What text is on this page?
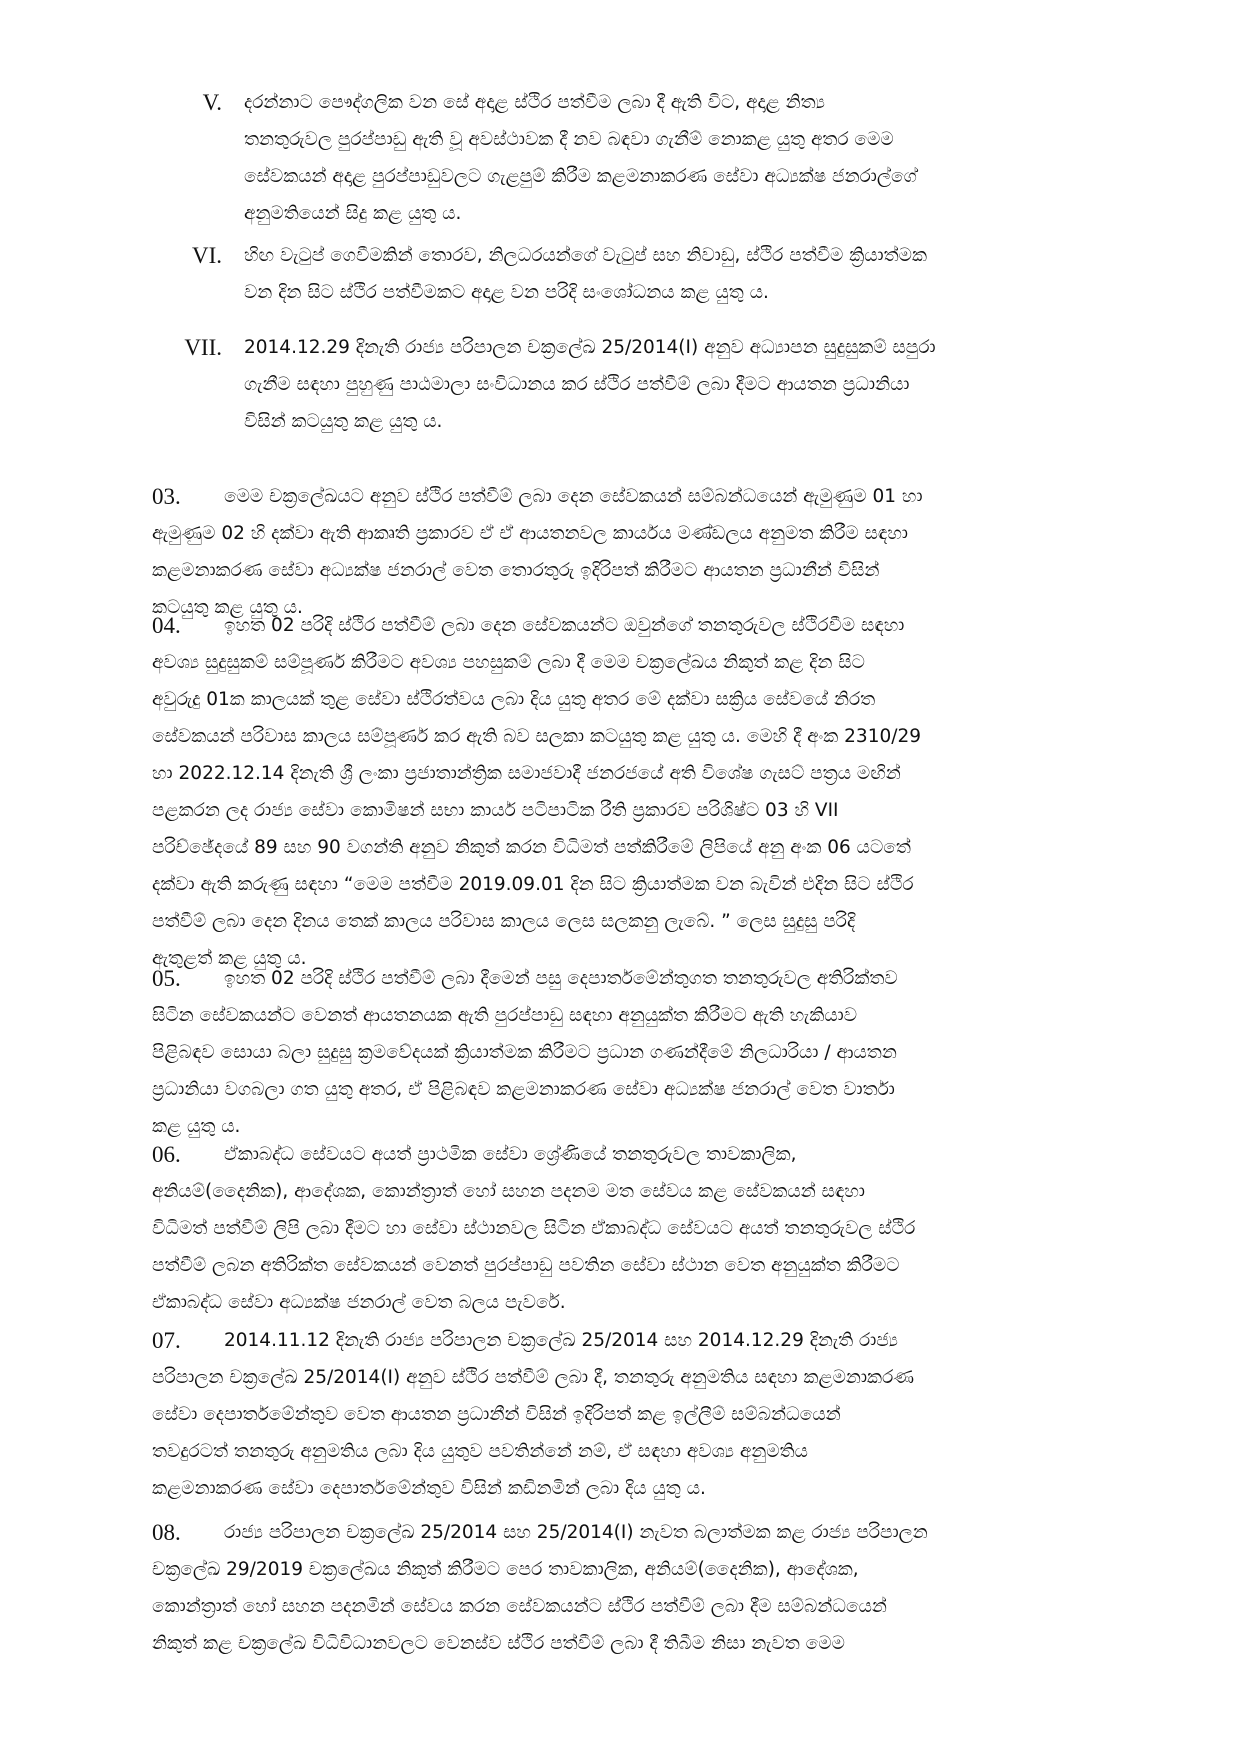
V. දරන්නාට පෞද්ගලික වන සේ අදාළ ස්ථිර පත්වීම ලබා දී ඇති විට, අදාළ නිත්‍ය
තනතුරුවල පුරප්පාඩු ඇති වූ අවස්ථාවක දී නව බඳවා ගැනීම් නොකළ යුතු අතර මෙම
සේවකයන් අදාළ පුරප්පාඩුවලට ගැළපුම් කිරීම කළමනාකරණ සේවා අධ්‍යක්ෂ ජනරාල්ගේ
අනුමතියෙන් සිදු කළ යුතු ය.
VI. හිඟ වැටුප් ගෙවීමකින් තොරව, නිලධරයන්ගේ වැටුප් සහ නිවාඩු, ස්ථිර පත්වීම ක්‍රියාත්මක
වන දින සිට ස්ථිර පත්වීමකට අදාළ වන පරිදි සංශෝධනය කළ යුතු ය.
VII. 2014.12.29 දිනැති රාජ්‍ය පරිපාලන චක්‍රලේඛ 25/2014(I) අනුව අධ්‍යාපන සුදුසුකම් සපුරා
ගැනීම සඳහා පුහුණු පාඨමාලා සංවිධානය කර ස්ථිර පත්වීම් ලබා දීමට ආයතන ප්‍රධානියා
විසින් කටයුතු කළ යුතු ය.
03.	මෙම චක්‍රලේඛයට අනුව ස්ථිර පත්වීම් ලබා දෙන සේවකයන් සම්බන්ධයෙන් ඇමුණුම 01 හා
ඇමුණුම 02 හි දක්වා ඇති ආකෘති ප්‍රකාරව ඒ ඒ ආයතනවල කාර්යය මණ්ඩලය අනුමත කිරීම සඳහා
කළමනාකරණ සේවා අධ්‍යක්ෂ ජනරාල් වෙත තොරතුරු ඉදිරිපත් කිරීමට ආයතන ප්‍රධානීන් විසින්
කටයුතු කළ යුතු ය.
04.	ඉහත 02 පරිදි ස්ථිර පත්වීම් ලබා දෙන සේවකයන්ට ඔවුන්ගේ තනතුරුවල ස්ථිරවීම සඳහා
අවශ්‍ය සුදුසුකම් සම්පූර්ණ කිරීමට අවශ්‍ය පහසුකම් ලබා දී මෙම චක්‍රලේඛය නිකුත් කළ දින සිට
අවුරුදු 01ක කාලයක් තුළ සේවා ස්ථිරත්වය ලබා දිය යුතු අතර මේ දක්වා සක්‍රිය සේවයේ නිරත
සේවකයන් පරිවාස කාලය සම්පූර්ණ කර ඇති බව සලකා කටයුතු කළ යුතු ය. මෙහි දී අංක 2310/29
හා 2022.12.14 දිනැති ශ්‍රී ලංකා ප්‍රජාතාන්ත්‍රික සමාජවාදී ජනරජයේ අති විශේෂ ගැසට් පත්‍රය මඟින්
පළකරන ලද රාජ්‍ය සේවා කොමිෂන් සභා කාර්ය පටිපාටික රීති ප්‍රකාරව පරිශිෂ්ට 03 හි VII
පරිච්ඡේදයේ 89 සහ 90 වගන්ති අනුව නිකුත් කරන විධිමත් පත්කිරීමේ ලිපියේ අනු අංක 06 යටතේ
දක්වා ඇති කරුණු සඳහා “මෙම පත්වීම 2019.09.01 දින සිට ක්‍රියාත්මක වන බැවින් එදින සිට ස්ථිර
පත්වීම් ලබා දෙන දිනය තෙක් කාලය පරිවාස කාලය ලෙස සලකනු ලැබේ. ” ලෙස සුදුසු පරිදි
ඇතුළත් කළ යුතු ය.
05.	ඉහත 02 පරිදි ස්ථිර පත්වීම් ලබා දීමෙන් පසු දෙපාර්තමේන්තුගත තනතුරුවල අතිරික්තව
සිටින සේවකයන්ට වෙනත් ආයතනයක ඇති පුරප්පාඩු සඳහා අනුයුක්ත කිරීමට ඇති හැකියාව
පිළිබඳව සොයා බලා සුදුසු ක්‍රමවේදයක් ක්‍රියාත්මක කිරීමට ප්‍රධාන ගණන්දීමේ නිලධාරියා / ආයතන
ප්‍රධානියා වගබලා ගත යුතු අතර, ඒ පිළිබඳව කළමනාකරණ සේවා අධ්‍යක්ෂ ජනරාල් වෙත වාර්තා
කළ යුතු ය.
06.	ඒකාබද්ධ සේවයට අයත් ප්‍රාථමික සේවා ශ්‍රේණියේ තනතුරුවල තාවකාලික,
අනියම්(දෛනික), ආදේශක, කොන්ත්‍රාත් හෝ සහන පදනම මත සේවය කළ සේවකයන් සඳහා
විධිමත් පත්වීම් ලිපි ලබා දීමට හා සේවා ස්ථානවල සිටින ඒකාබද්ධ සේවයට අයත් තනතුරුවල ස්ථිර
පත්වීම් ලබන අතිරික්ත සේවකයන් වෙනත් පුරප්පාඩු පවතින සේවා ස්ථාන වෙත අනුයුක්ත කිරීමට
ඒකාබද්ධ සේවා අධ්‍යක්ෂ ජනරාල් වෙත බලය පැවරේ.
07.	2014.11.12 දිනැති රාජ්‍ය පරිපාලන චක්‍රලේඛ 25/2014 සහ 2014.12.29 දිනැති රාජ්‍ය
පරිපාලන චක්‍රලේඛ 25/2014(I) අනුව ස්ථිර පත්වීම් ලබා දී, තනතුරු අනුමතිය සඳහා කළමනාකරණ
සේවා දෙපාර්තමේන්තුව වෙත ආයතන ප්‍රධානීන් විසින් ඉදිරිපත් කළ ඉල්ලීම් සම්බන්ධයෙන්
තවදුරටත් තනතුරු අනුමතිය ලබා දිය යුතුව පවතින්නේ නම්, ඒ සඳහා අවශ්‍ය අනුමතිය
කළමනාකරණ සේවා දෙපාර්තමේන්තුව විසින් කඩිනමින් ලබා දිය යුතු ය.
08.	රාජ්‍ය පරිපාලන චක්‍රලේඛ 25/2014 සහ 25/2014(I) නැවත බලාත්මක කළ රාජ්‍ය පරිපාලන
චක්‍රලේඛ 29/2019 චක්‍රලේඛය නිකුත් කිරීමට පෙර තාවකාලික, අනියම්(දෛනික), ආදේශක,
කොන්ත්‍රාත් හෝ සහන පදනමින් සේවය කරන සේවකයන්ට ස්ථිර පත්වීම් ලබා දීම සම්බන්ධයෙන්
නිකුත් කළ චක්‍රලේඛ විධිවිධානවලට වෙනස්ව ස්ථිර පත්වීම් ලබා දී තිබීම නිසා නැවත මෙම
